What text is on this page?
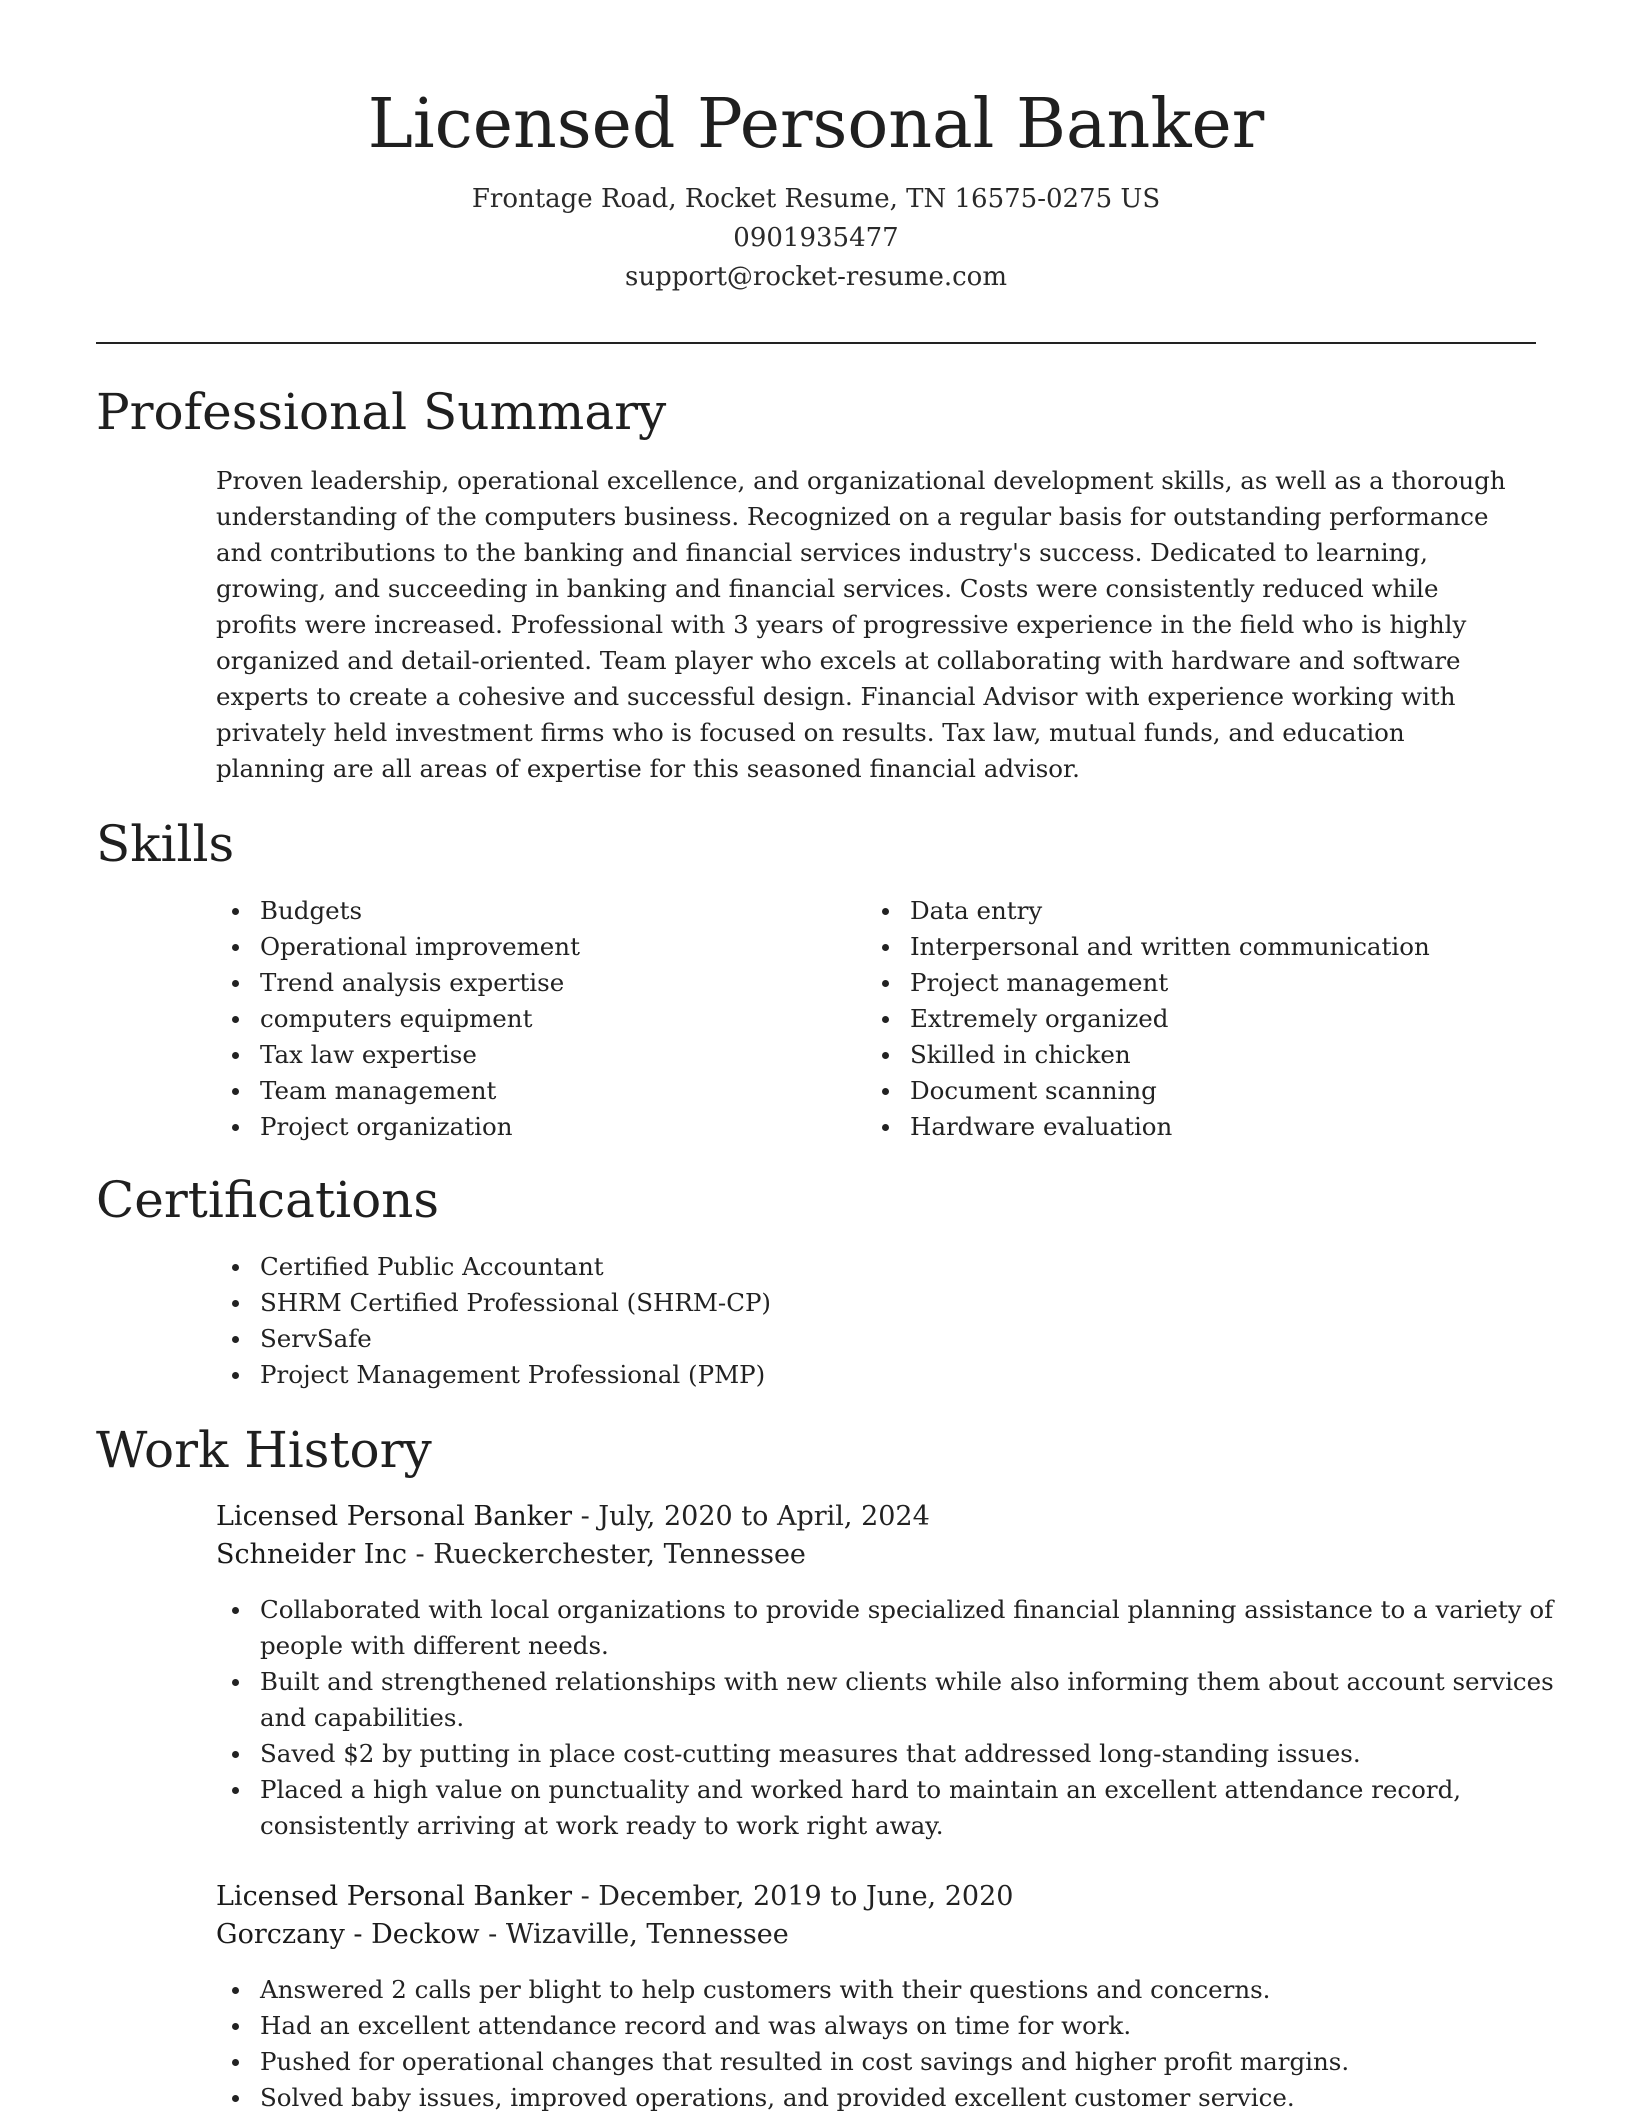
Licensed Personal Banker

Frontage Road, Rocket Resume, TN 16575-0275 US

0901935477

support@rocket-resume.com

Professional Summary

Proven leadership, operational excellence, and organizational development skills, as well as a thorough understanding of the computers business. Recognized on a regular basis for outstanding performance and contributions to the banking and financial services industry's success. Dedicated to learning, growing, and succeeding in banking and financial services. Costs were consistently reduced while profits were increased. Professional with 3 years of progressive experience in the field who is highly organized and detail-oriented. Team player who excels at collaborating with hardware and software experts to create a cohesive and successful design. Financial Advisor with experience working with privately held investment firms who is focused on results. Tax law, mutual funds, and education planning are all areas of expertise for this seasoned financial advisor.

Skills
Budgets
Operational improvement
Trend analysis expertise
computers equipment
Tax law expertise
Team management
Project organization
Data entry
Interpersonal and written communication
Project management
Extremely organized
Skilled in chicken
Document scanning
Hardware evaluation
Certifications
Certified Public Accountant
SHRM Certified Professional (SHRM-CP)
ServSafe
Project Management Professional (PMP)
Work History

Licensed Personal Banker - July, 2020 to April, 2024

Schneider Inc - Rueckerchester, Tennessee

Collaborated with local organizations to provide specialized financial planning assistance to a variety of people with different needs.
Built and strengthened relationships with new clients while also informing them about account services and capabilities.
Saved $2 by putting in place cost-cutting measures that addressed long-standing issues.
Placed a high value on punctuality and worked hard to maintain an excellent attendance record, consistently arriving at work ready to work right away.

Licensed Personal Banker - December, 2019 to June, 2020

Gorczany - Deckow - Wizaville, Tennessee

Answered 2 calls per blight to help customers with their questions and concerns.
Had an excellent attendance record and was always on time for work.
Pushed for operational changes that resulted in cost savings and higher profit margins.
Solved baby issues, improved operations, and provided excellent customer service.
